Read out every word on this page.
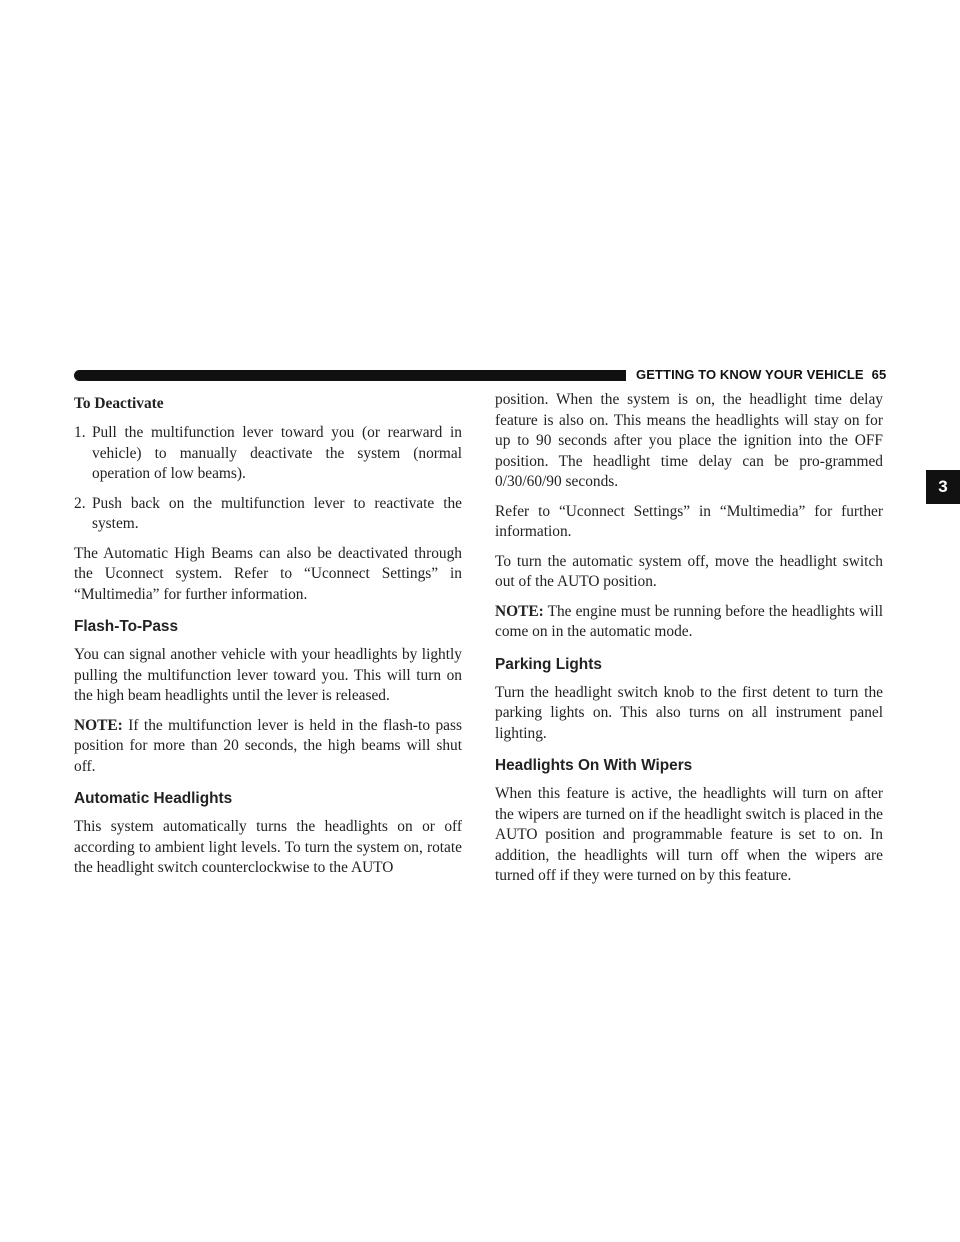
GETTING TO KNOW YOUR VEHICLE 65
3
To Deactivate
1. Pull the multifunction lever toward you (or rearward in vehicle) to manually deactivate the system (normal operation of low beams).
2. Push back on the multifunction lever to reactivate the system.

The Automatic High Beams can also be deactivated through the Uconnect system. Refer to “Uconnect Settings” in “Multimedia” for further information.

Flash-To-Pass

You can signal another vehicle with your headlights by lightly pulling the multifunction lever toward you. This will turn on the high beam headlights until the lever is released.

NOTE: If the multifunction lever is held in the flash-to pass position for more than 20 seconds, the high beams will shut off.

Automatic Headlights

This system automatically turns the headlights on or off according to ambient light levels. To turn the system on, rotate the headlight switch counterclockwise to the AUTO

position. When the system is on, the headlight time delay feature is also on. This means the headlights will stay on for up to 90 seconds after you place the ignition into the OFF position. The headlight time delay can be pro-grammed 0/30/60/90 seconds.

Refer to “Uconnect Settings” in “Multimedia” for further information.

To turn the automatic system off, move the headlight switch out of the AUTO position.

NOTE: The engine must be running before the headlights will come on in the automatic mode.

Parking Lights

Turn the headlight switch knob to the first detent to turn the parking lights on. This also turns on all instrument panel lighting.

Headlights On With Wipers

When this feature is active, the headlights will turn on after the wipers are turned on if the headlight switch is placed in the AUTO position and programmable feature is set to on. In addition, the headlights will turn off when the wipers are turned off if they were turned on by this feature.
